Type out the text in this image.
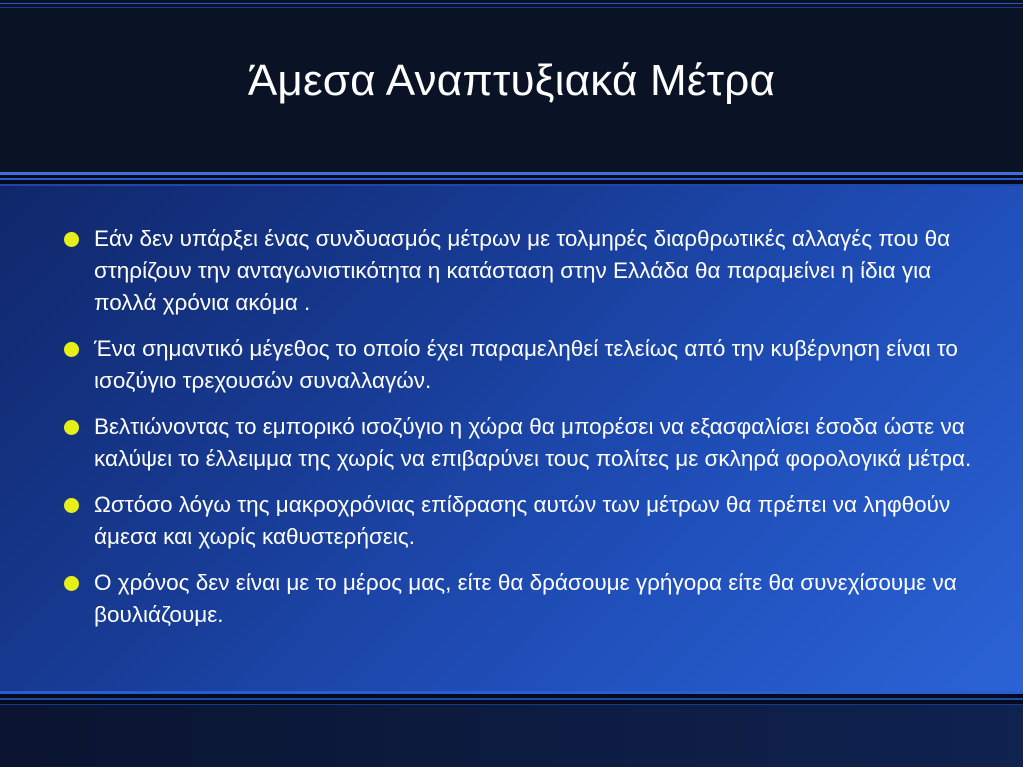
Άμεσα Αναπτυξιακά Μέτρα
Εάν δεν υπάρξει ένας συνδυασμός μέτρων με τολμηρές διαρθρωτικές αλλαγές που θα στηρίζουν την ανταγωνιστικότητα η κατάσταση στην Ελλάδα θα παραμείνει η ίδια για πολλά χρόνια ακόμα .
Ένα σημαντικό μέγεθος το οποίο έχει παραμεληθεί τελείως από την κυβέρνηση είναι το ισοζύγιο τρεχουσών συναλλαγών.
Βελτιώνοντας το εμπορικό ισοζύγιο η χώρα θα μπορέσει να εξασφαλίσει έσοδα ώστε να καλύψει το έλλειμμα της χωρίς να επιβαρύνει τους πολίτες με σκληρά φορολογικά μέτρα.
Ωστόσο λόγω της μακροχρόνιας επίδρασης αυτών των μέτρων θα πρέπει να ληφθούν άμεσα και χωρίς καθυστερήσεις.
Ο χρόνος δεν είναι με το μέρος μας, είτε θα δράσουμε γρήγορα είτε θα συνεχίσουμε να βουλιάζουμε.
